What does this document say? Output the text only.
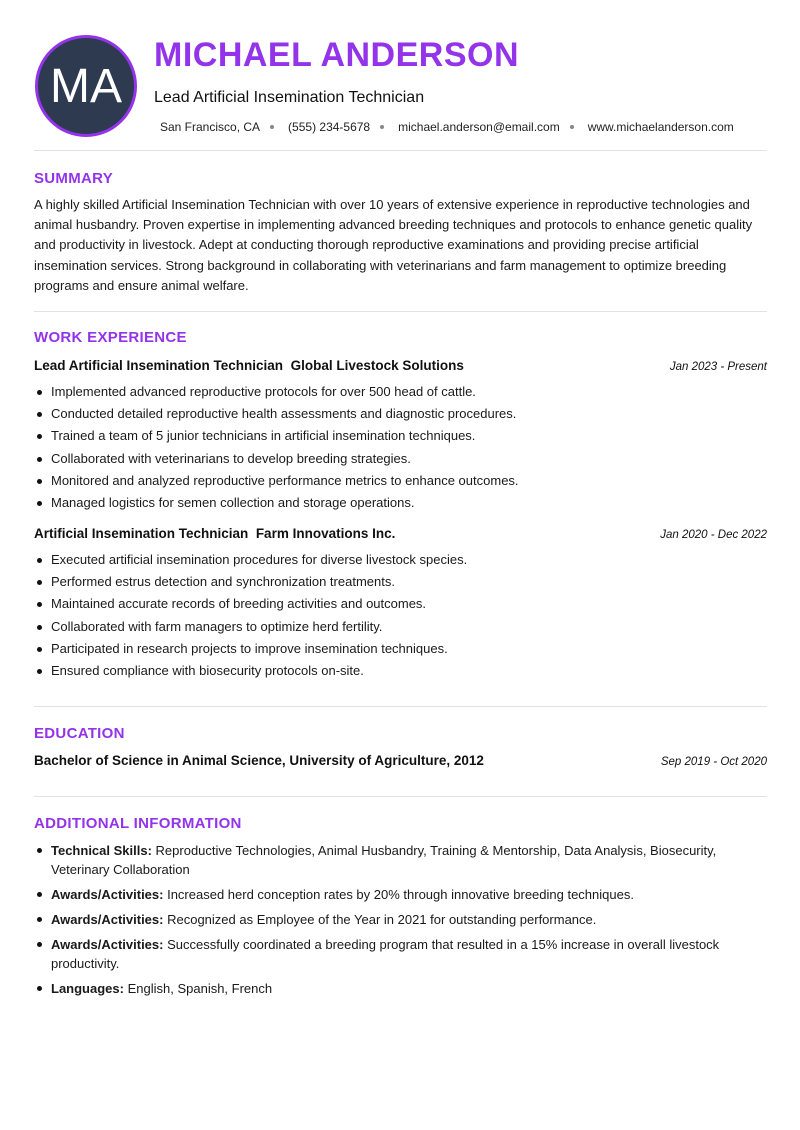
MA
MICHAEL ANDERSON
Lead Artificial Insemination Technician
San Francisco, CA (555) 234-5678 michael.anderson@email.com www.michaelanderson.com
SUMMARY

A highly skilled Artificial Insemination Technician with over 10 years of extensive experience in reproductive technologies and animal husbandry. Proven expertise in implementing advanced breeding techniques and protocols to enhance genetic quality and productivity in livestock. Adept at conducting thorough reproductive examinations and providing precise artificial insemination services. Strong background in collaborating with veterinarians and farm management to optimize breeding programs and ensure animal welfare.

WORK EXPERIENCE
Lead Artificial Insemination Technician Global Livestock Solutions	Jan 2023 - Present
Implemented advanced reproductive protocols for over 500 head of cattle.
Conducted detailed reproductive health assessments and diagnostic procedures.
Trained a team of 5 junior technicians in artificial insemination techniques.
Collaborated with veterinarians to develop breeding strategies.
Monitored and analyzed reproductive performance metrics to enhance outcomes.
Managed logistics for semen collection and storage operations.
Artificial Insemination Technician Farm Innovations Inc.	Jan 2020 - Dec 2022
Executed artificial insemination procedures for diverse livestock species.
Performed estrus detection and synchronization treatments.
Maintained accurate records of breeding activities and outcomes.
Collaborated with farm managers to optimize herd fertility.
Participated in research projects to improve insemination techniques.
Ensured compliance with biosecurity protocols on-site.
EDUCATION
Bachelor of Science in Animal Science, University of Agriculture, 2012	Sep 2019 - Oct 2020
ADDITIONAL INFORMATION
Technical Skills: Reproductive Technologies, Animal Husbandry, Training & Mentorship, Data Analysis, Biosecurity, Veterinary Collaboration
Awards/Activities: Increased herd conception rates by 20% through innovative breeding techniques.
Awards/Activities: Recognized as Employee of the Year in 2021 for outstanding performance.
Awards/Activities: Successfully coordinated a breeding program that resulted in a 15% increase in overall livestock productivity.
Languages: English, Spanish, French
